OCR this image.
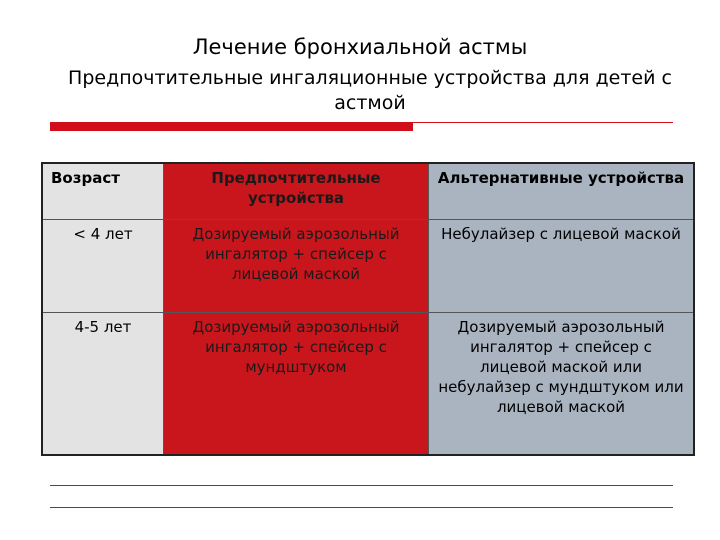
Лечение бронхиальной астмы
Предпочтительные ингаляционные устройства для детей с астмой
Возраст	Предпочтительные устройства	Альтернативные устройства
< 4 лет	Дозируемый аэрозольный ингалятор + спейсер с лицевой маской	Небулайзер с лицевой маской
4-5 лет	Дозируемый аэрозольный ингалятор + спейсер с мундштуком	Дозируемый аэрозольный ингалятор + спейсер с лицевой маской или небулайзер с мундштуком или лицевой маской
